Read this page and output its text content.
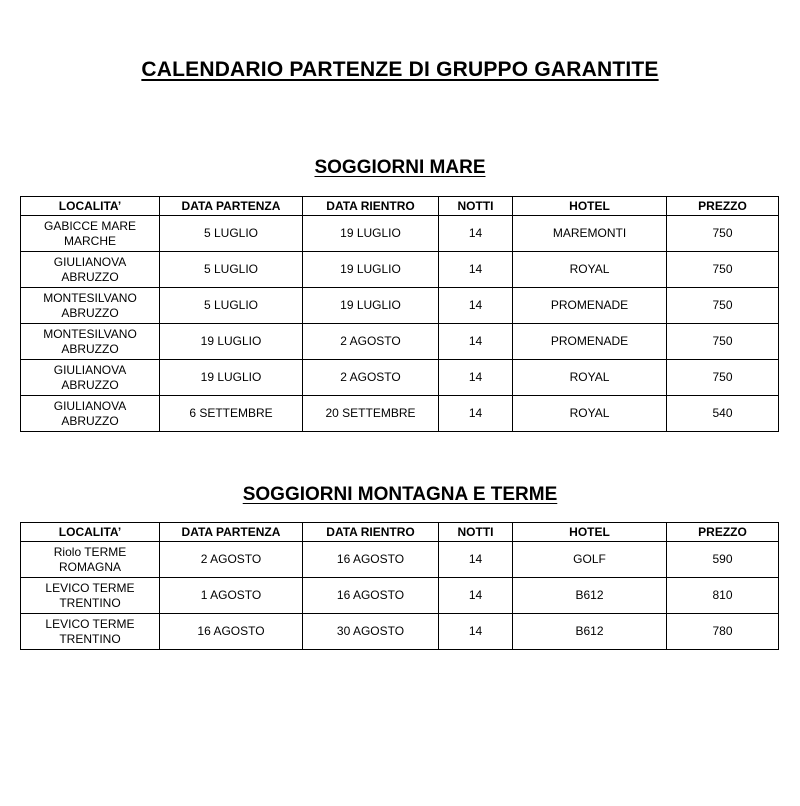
CALENDARIO PARTENZE DI GRUPPO GARANTITE
SOGGIORNI MARE
LOCALITA’	DATA PARTENZA	DATA RIENTRO	NOTTI	HOTEL	PREZZO

GABICCE MARE
MARCHE	5 LUGLIO	19 LUGLIO	14	MAREMONTI	750

GIULIANOVA
ABRUZZO	5 LUGLIO	19 LUGLIO	14	ROYAL	750

MONTESILVANO
ABRUZZO	5 LUGLIO	19 LUGLIO	14	PROMENADE	750

MONTESILVANO
ABRUZZO	19 LUGLIO	2 AGOSTO	14	PROMENADE	750

GIULIANOVA
ABRUZZO	19 LUGLIO	2 AGOSTO	14	ROYAL	750

GIULIANOVA
ABRUZZO	6 SETTEMBRE	20 SETTEMBRE	14	ROYAL	540
SOGGIORNI MONTAGNA E TERME
LOCALITA’	DATA PARTENZA	DATA RIENTRO	NOTTI	HOTEL	PREZZO

Riolo TERME
ROMAGNA	2 AGOSTO	16 AGOSTO	14	GOLF	590

LEVICO TERME
TRENTINO	1 AGOSTO	16 AGOSTO	14	B612	810

LEVICO TERME
TRENTINO	16 AGOSTO	30 AGOSTO	14	B612	780
